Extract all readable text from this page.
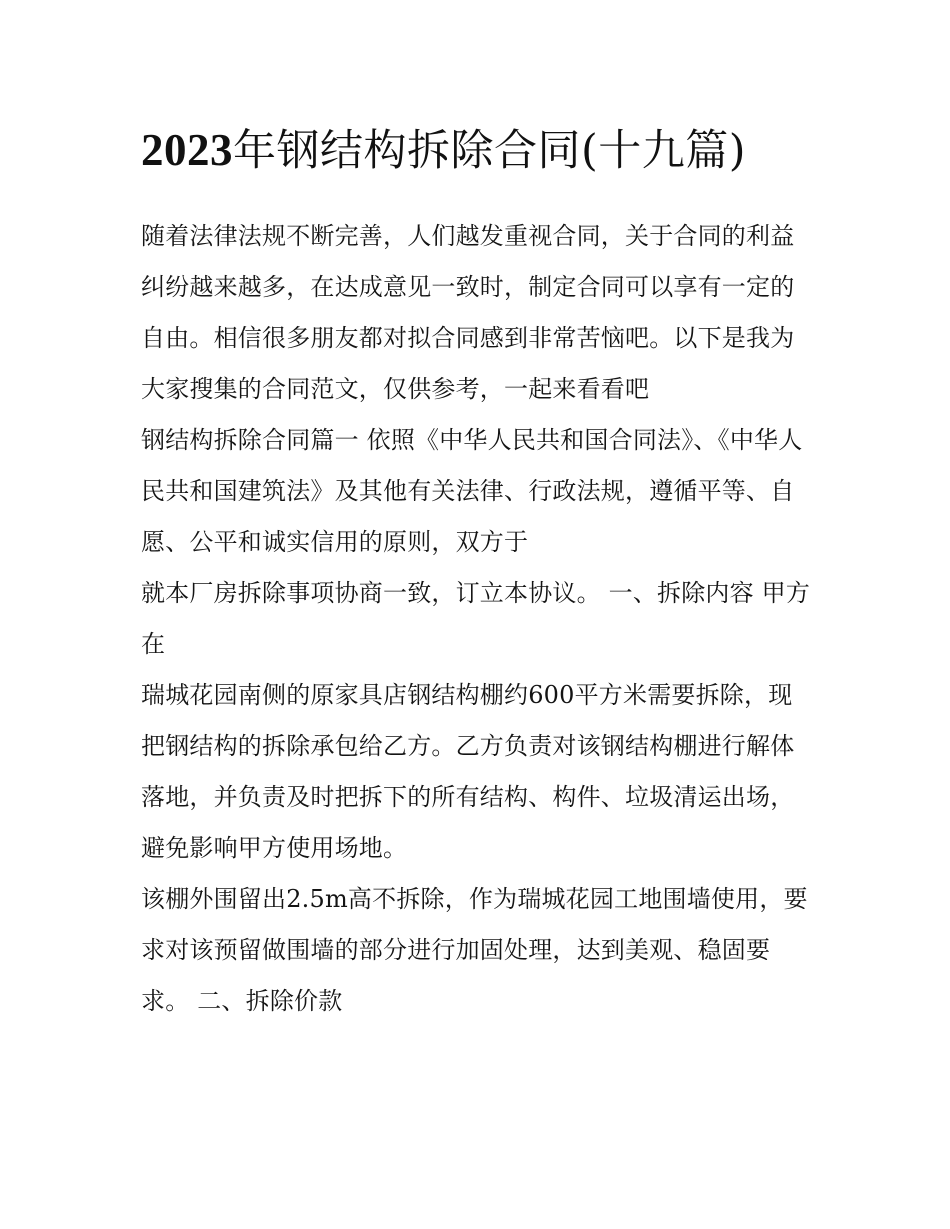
2023年钢结构拆除合同(十九篇)

随着法律法规不断完善，人们越发重视合同，关于合同的利益纠纷越来越多，在达成意见一致时，制定合同可以享有一定的自由。相信很多朋友都对拟合同感到非常苦恼吧。以下是我为大家搜集的合同范文，仅供参考，一起来看看吧

钢结构拆除合同篇一 依照《中华人民共和国合同法》、《中华人民共和国建筑法》及其他有关法律、行政法规，遵循平等、自愿、公平和诚实信用的原则，双方于

就本厂房拆除事项协商一致，订立本协议。 一、拆除内容 甲方在

瑞城花园南侧的原家具店钢结构棚约600平方米需要拆除，现把钢结构的拆除承包给乙方。乙方负责对该钢结构棚进行解体落地，并负责及时把拆下的所有结构、构件、垃圾清运出场，避免影响甲方使用场地。

该棚外围留出2.5m高不拆除，作为瑞城花园工地围墙使用，要求对该预留做围墙的部分进行加固处理，达到美观、稳固要求。 二、拆除价款
